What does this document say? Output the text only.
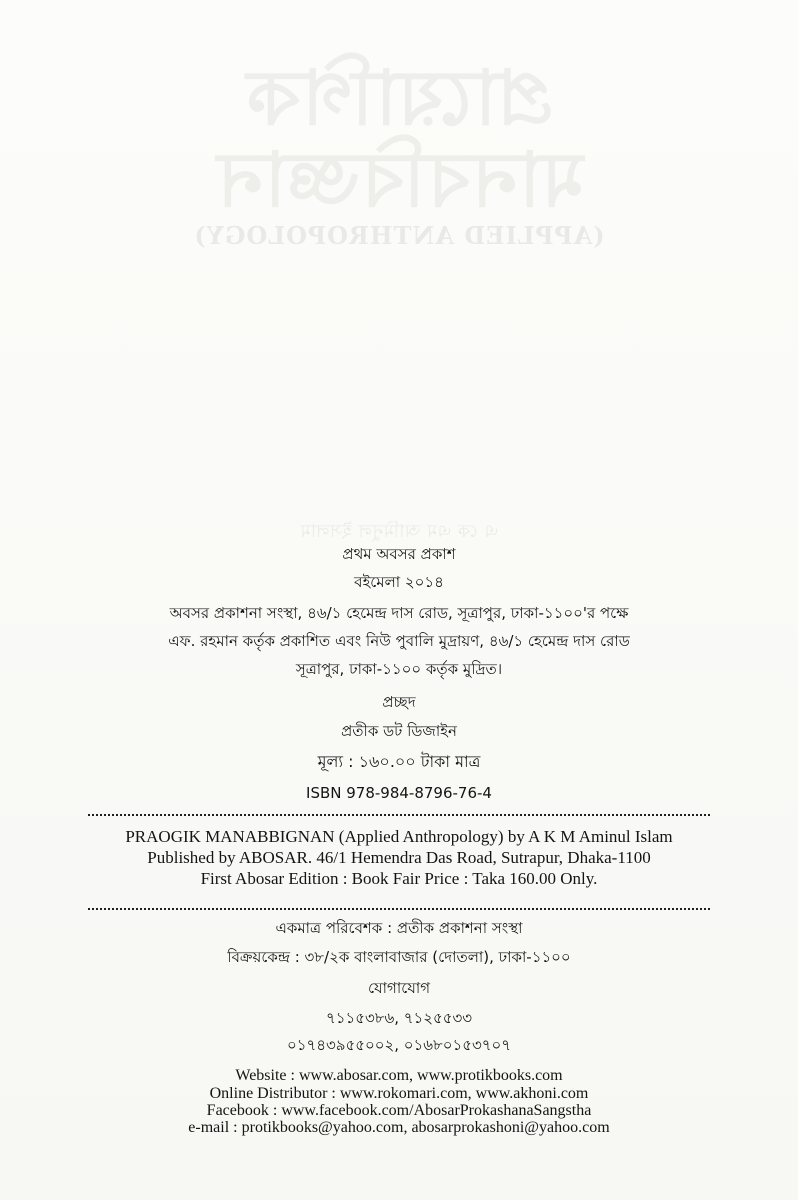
প্রায়োগিক
মানববিজ্ঞান
(APPLIED ANTHROPOLOGY)
এ কে এম আমিনুল ইসলাম
প্রথম অবসর প্রকাশ
বইমেলা ২০১৪
অবসর প্রকাশনা সংস্থা, ৪৬/১ হেমেন্দ্র দাস রোড, সূত্রাপুর, ঢাকা-১১০০'র পক্ষে
এফ. রহমান কর্তৃক প্রকাশিত এবং নিউ পুবালি মুদ্রায়ণ, ৪৬/১ হেমেন্দ্র দাস রোড
সূত্রাপুর, ঢাকা-১১০০ কর্তৃক মুদ্রিত।
প্রচ্ছদ
প্রতীক ডট ডিজাইন
মূল্য : ১৬০.০০ টাকা মাত্র
ISBN 978-984-8796-76-4
PRAOGIK MANABBIGNAN (Applied Anthropology) by A K M Aminul Islam
Published by ABOSAR. 46/1 Hemendra Das Road, Sutrapur, Dhaka-1100
First Abosar Edition : Book Fair Price : Taka 160.00 Only.
একমাত্র পরিবেশক : প্রতীক প্রকাশনা সংস্থা
বিক্রয়কেন্দ্র : ৩৮/২ক বাংলাবাজার (দোতলা), ঢাকা-১১০০
যোগাযোগ
৭১১৫৩৮৬, ৭১২৫৫৩৩
০১৭৪৩৯৫৫০০২, ০১৬৮০১৫৩৭০৭
Website : www.abosar.com, www.protikbooks.com
Online Distributor : www.rokomari.com, www.akhoni.com
Facebook : www.facebook.com/AbosarProkashanaSangstha
e-mail : protikbooks@yahoo.com, abosarprokashoni@yahoo.com
